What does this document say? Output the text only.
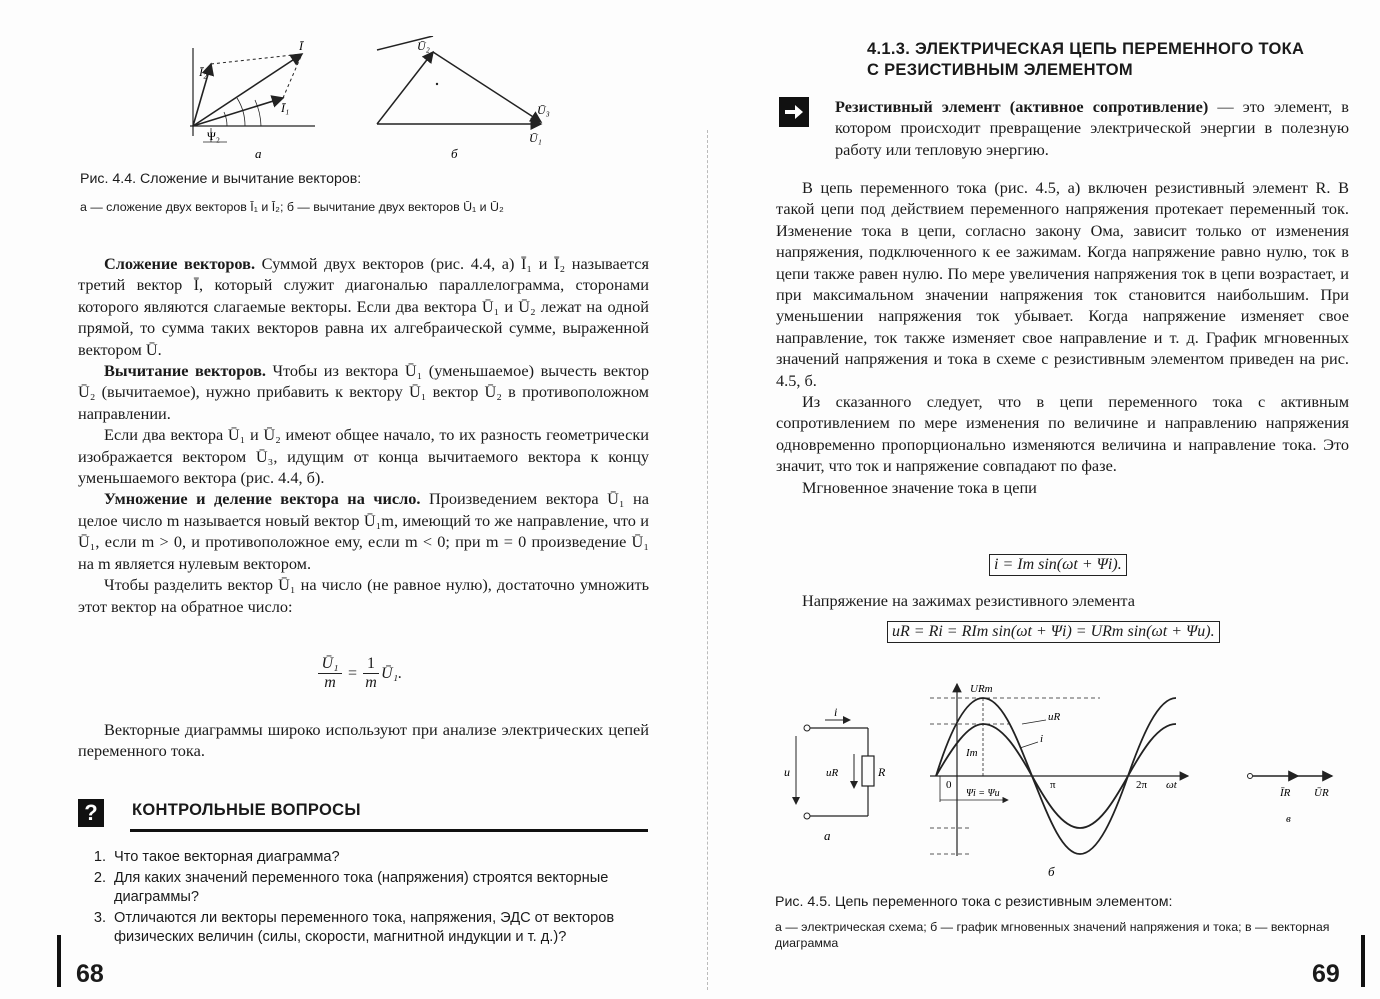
Ī
Ī₂
Ī₁
Ψ₂
а
Ū₂
Ū₃
Ū₁
б
Рис. 4.4. Сложение и вычитание векторов:
а — сложение двух векторов Ī₁ и Ī₂; б — вычитание двух векторов Ū₁ и Ū₂

Сложение векторов. Суммой двух векторов (рис. 4.4, а) Ī₁ и Ī₂ называется третий вектор Ī, который служит диагональю параллелограмма, сторонами которого являются слагаемые векторы. Если два вектора Ū₁ и Ū₂ лежат на одной прямой, то сумма таких векторов равна их алгебраической сумме, выраженной вектором Ū.

Вычитание векторов. Чтобы из вектора Ū₁ (уменьшаемое) вычесть вектор Ū₂ (вычитаемое), нужно прибавить к вектору Ū₁ вектор Ū₂ в противоположном направлении.

Если два вектора Ū₁ и Ū₂ имеют общее начало, то их разность геометрически изображается вектором Ū₃, идущим от конца вычитаемого вектора к концу уменьшаемого вектора (рис. 4.4, б).

Умножение и деление вектора на число. Произведением вектора Ū₁ на целое число m называется новый вектор Ū₁m, имеющий то же направление, что и Ū₁, если m > 0, и противоположное ему, если m < 0; при m = 0 произведение Ū₁ на m является нулевым вектором.

Чтобы разделить вектор Ū₁ на число (не равное нулю), достаточно умножить этот вектор на обратное число:

Ū₁
m
=
1
m
Ū₁.

Векторные диаграммы широко используют при анализе электрических цепей переменного тока.

?	КОНТРОЛЬНЫЕ ВОПРОСЫ
1. Что такое векторная диаграмма?
2. Для каких значений переменного тока (напряжения) строятся векторные диаграммы?
3. Отличаются ли векторы переменного тока, напряжения, ЭДС от векторов физических величин (силы, скорости, магнитной индукции и т. д.)?
68
4.1.3. ЭЛЕКТРИЧЕСКАЯ ЦЕПЬ ПЕРЕМЕННОГО ТОКА
С РЕЗИСТИВНЫМ ЭЛЕМЕНТОМ

Резистивный элемент (активное сопротивление) — это элемент, в котором происходит превращение электрической энергии в полезную работу или тепловую энергию.

В цепь переменного тока (рис. 4.5, а) включен резистивный элемент R. В такой цепи под действием переменного напряжения протекает переменный ток. Изменение тока в цепи, согласно закону Ома, зависит только от изменения напряжения, подключенного к ее зажимам. Когда напряжение равно нулю, ток в цепи также равен нулю. По мере увеличения напряжения ток в цепи возрастает, и при максимальном значении напряжения ток становится наибольшим. При уменьшении напряжения ток убывает. Когда напряжение изменяет свое направление, ток также изменяет свое направление и т. д. График мгновенных значений напряжения и тока в схеме с резистивным элементом приведен на рис. 4.5, б.

Из сказанного следует, что в цепи переменного тока с активным сопротивлением по мере изменения по величине и направлению напряжения одновременно пропорционально изменяются величина и направление тока. Это значит, что ток и напряжение совпадают по фазе.

Мгновенное значение тока в цепи

i = Im sin(ωt + Ψi).

Напряжение на зажимах резистивного элемента

uR = Ri = RIm sin(ωt + Ψi) = URm sin(ωt + Ψu).
i
u	uR	R
а
URm
uR
i
Im
0	π	2π ωt
Ψi = Ψu
б
ĪR ŪR
в
Рис. 4.5. Цепь переменного тока с резистивным элементом:
а — электрическая схема; б — график мгновенных значений напряжения и тока; в — векторная диаграмма
69
